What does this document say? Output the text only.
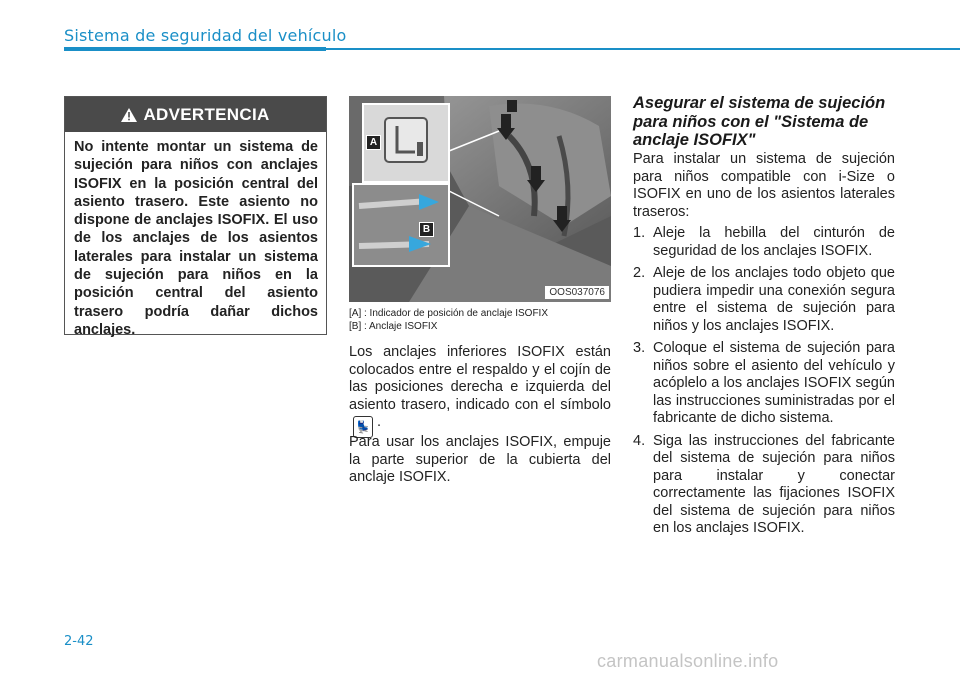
Sistema de seguridad del vehículo
ADVERTENCIA
No intente montar un sistema de sujeción para niños con anclajes ISOFIX en la posición central del asiento trasero. Este asiento no dispone de anclajes ISOFIX. El uso de los anclajes de los asientos laterales para instalar un sistema de sujeción para niños en la posición central del asiento trasero podría dañar dichos anclajes.
A
B
OOS037076
[A] : Indicador de posición de anclaje ISOFIX
[B] : Anclaje ISOFIX
Los anclajes inferiores ISOFIX están colocados entre el respaldo y el cojín de las posiciones derecha e izquierda del asiento trasero, indicado con el símbolo💺 .
Para usar los anclajes ISOFIX, empuje la parte superior de la cubierta del anclaje ISOFIX.
Asegurar el sistema de sujeción para niños con el "Sistema de anclaje ISOFIX"
Para instalar un sistema de sujeción para niños compatible con i-Size o ISOFIX en uno de los asientos laterales traseros:
1. Aleje la hebilla del cinturón de seguridad de los anclajes ISOFIX.
2. Aleje de los anclajes todo objeto que pudiera impedir una conexión segura entre el sistema de sujeción para niños y los anclajes ISOFIX.
3. Coloque el sistema de sujeción para niños sobre el asiento del vehículo y acóplelo a los anclajes ISOFIX según las instrucciones suministradas por el fabricante de dicho sistema.
4. Siga las instrucciones del fabricante del sistema de sujeción para niños para instalar y conectar correctamente las fijaciones ISOFIX del sistema de sujeción para niños en los anclajes ISOFIX.
2-42
carmanualsonline.info
